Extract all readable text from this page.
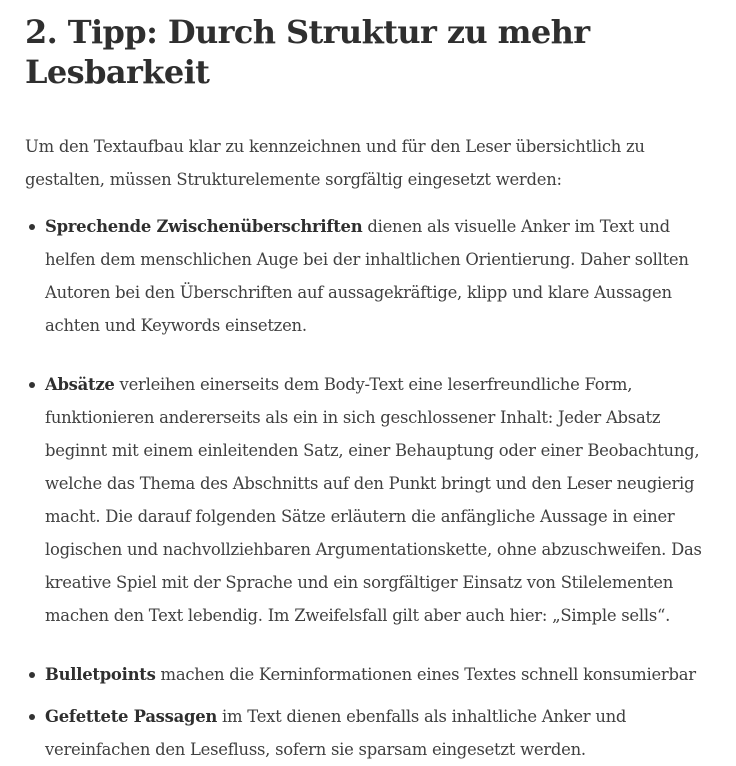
2. Tipp: Durch Struktur zu mehr Lesbarkeit

Um den Textaufbau klar zu kennzeichnen und für den Leser übersichtlich zu gestalten, müssen Strukturelemente sorgfältig eingesetzt werden:

Sprechende Zwischenüberschriften dienen als visuelle Anker im Text und helfen dem menschlichen Auge bei der inhaltlichen Orientierung. Daher sollten Autoren bei den Überschriften auf aussagekräftige, klipp und klare Aussagen achten und Keywords einsetzen.
Absätze verleihen einerseits dem Body-Text eine leserfreundliche Form, funktionieren andererseits als ein in sich geschlossener Inhalt: Jeder Absatz beginnt mit einem einleitenden Satz, einer Behauptung oder einer Beobachtung, welche das Thema des Abschnitts auf den Punkt bringt und den Leser neugierig macht. Die darauf folgenden Sätze erläutern die anfängliche Aussage in einer logischen und nachvollziehbaren Argumentationskette, ohne abzuschweifen. Das kreative Spiel mit der Sprache und ein sorgfältiger Einsatz von Stilelementen machen den Text lebendig. Im Zweifelsfall gilt aber auch hier: „Simple sells“.
Bulletpoints machen die Kerninformationen eines Textes schnell konsumierbar
Gefettete Passagen im Text dienen ebenfalls als inhaltliche Anker und vereinfachen den Lesefluss, sofern sie sparsam eingesetzt werden.
